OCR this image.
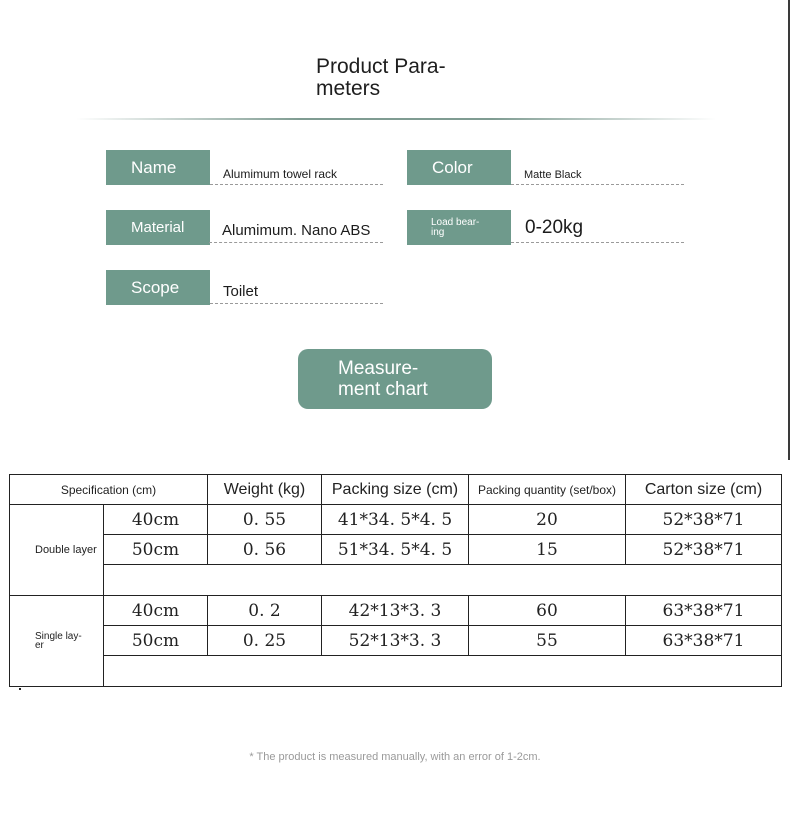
Product Para-
meters
Name	Alumimum towel rack	Color	Matte Black
Material	Alumimum. Nano ABS	Load bear-
ing	0-20kg
Scope	Toilet
Measure-
ment chart
Specification (cm)		Weight (kg)	Packing size (cm)	Packing quantity (set/box)	Carton size (cm)
Double layer	40cm	0. 55	41*34. 5*4. 5	20	52*38*71
	50cm	0. 56	51*34. 5*4. 5	15	52*38*71

Single lay-
er	40cm	0. 2	42*13*3. 3	60	63*38*71
	50cm	0. 25	52*13*3. 3	55	63*38*71

* The product is measured manually, with an error of 1-2cm.
